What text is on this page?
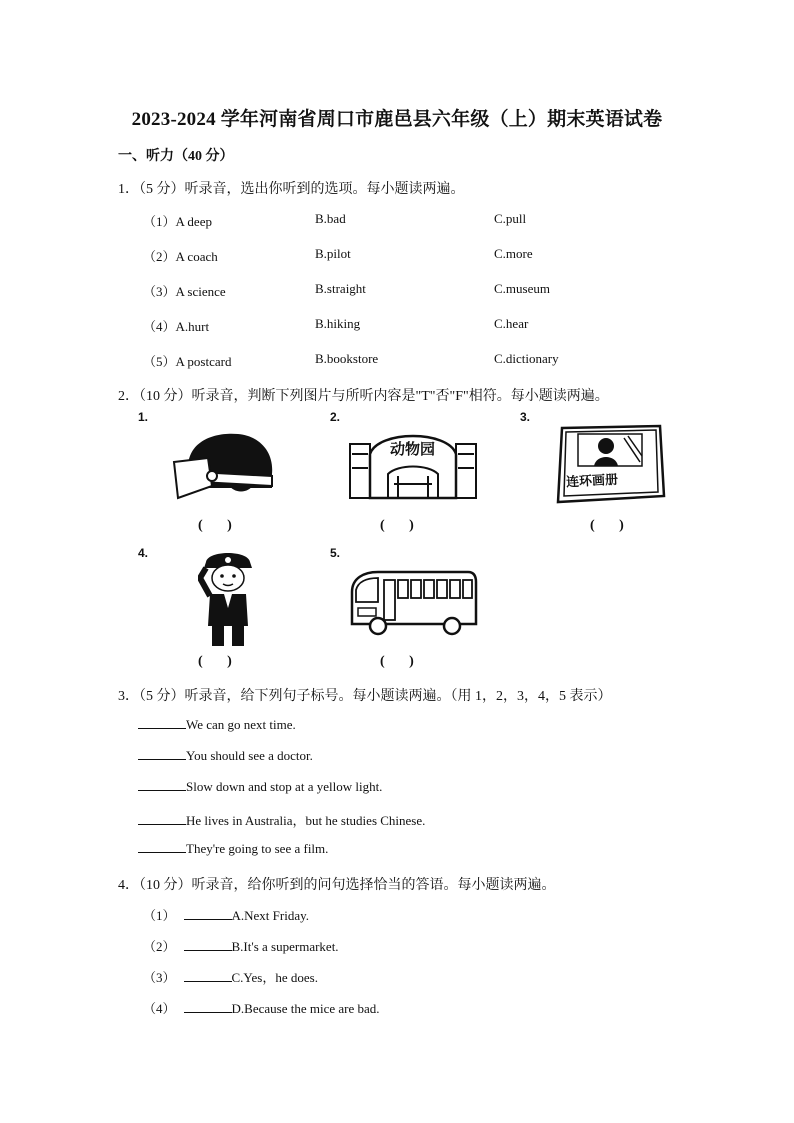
2023-2024 学年河南省周口市鹿邑县六年级（上）期末英语试卷
一、听力（40 分）
1．（5 分）听录音，选出你听到的选项。每小题读两遍。
（1）A deep	B.bad	C.pull
（2）A coach	B.pilot	C.more
（3）A science	B.straight	C.museum
（4）A.hurt	B.hiking	C.hear
（5）A postcard	B.bookstore	C.dictionary
2．（10 分）听录音，判断下列图片与所听内容是"T"否"F"相符。每小题读两遍。
1.
(       )
2.
动物园
(       )
3.
连环画册
(       )
4.
(       )
5.
(       )
3．（5 分）听录音，给下列句子标号。每小题读两遍。（用 1，2，3，4，5 表示）
We can go next time.
You should see a doctor.
Slow down and stop at a yellow light.
He lives in Australia，but he studies Chinese.
They're going to see a film.
4．（10 分）听录音，给你听到的问句选择恰当的答语。每小题读两遍。
（1）	A.Next Friday.
（2）	B.It's a supermarket.
（3）	C.Yes，he does.
（4）	D.Because the mice are bad.
